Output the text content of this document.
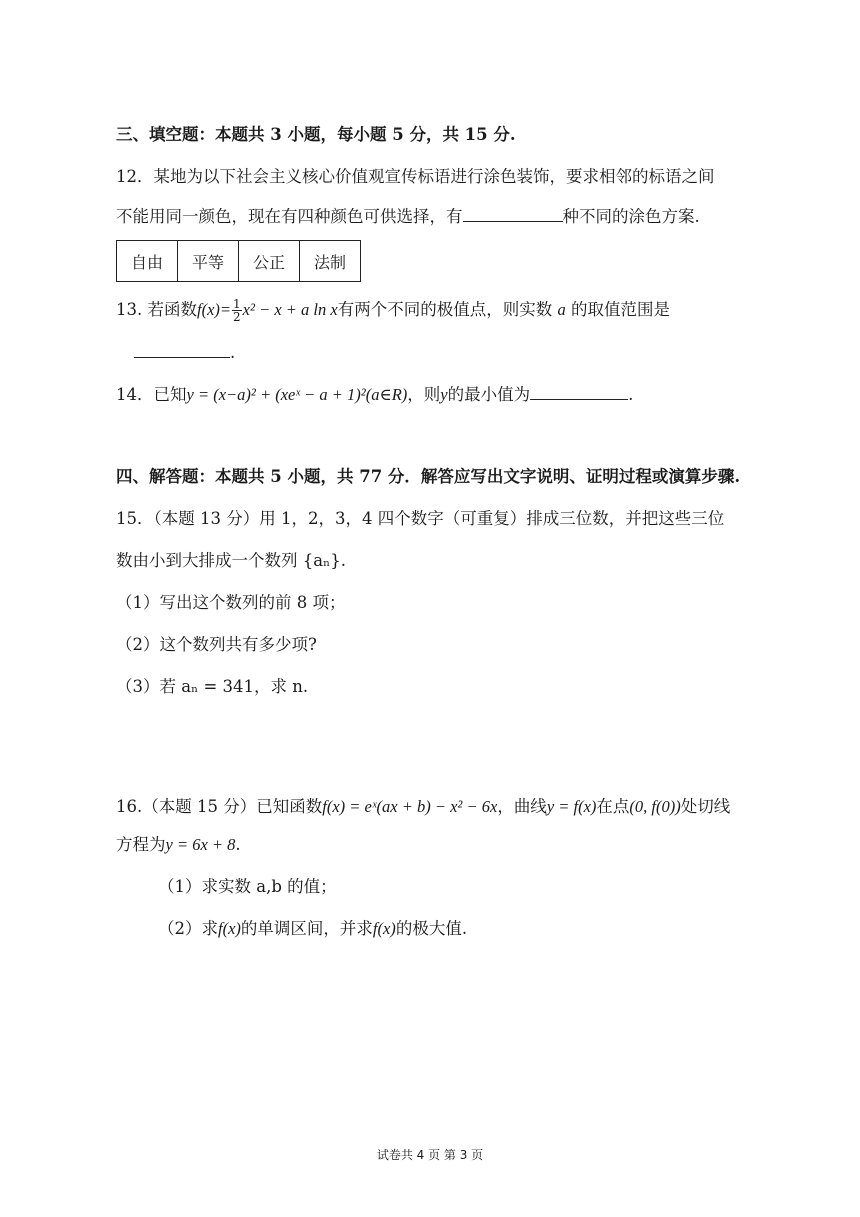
三、填空题：本题共 3 小题，每小题 5 分，共 15 分.
12．某地为以下社会主义核心价值观宣传标语进行涂色装饰，要求相邻的标语之间
不能用同一颜色，现在有四种颜色可供选择，有	种不同的涂色方案.
自由	平等	公正	法制
13. 若函数$f(x)= \frac{1}{2} x^2 - x + a$ ln x有两个不同的极值点，则实数 a 的取值范围是
.
14．已知y = (x−a)² + (xeˣ − a + 1)²(a∈R)，则y的最小值为	.
四、解答题：本题共 5 小题，共 77 分．解答应写出文字说明、证明过程或演算步骤.
15．（本题 13 分）用 1，2，3，4 四个数字（可重复）排成三位数，并把这些三位
数由小到大排成一个数列 {aₙ}.
（1）写出这个数列的前 8 项；
（2）这个数列共有多少项?
（3）若 aₙ = 341，求 n.
16.（本题 15 分）已知函数f(x) = eˣ(ax + b) − x² − 6x，曲线y = f(x)在点(0, f(0))处切线
方程为y = 6x + 8.
（1）求实数 a,b 的值；
（2）求f(x)的单调区间，并求f(x)的极大值.
试卷共 4 页 第 3 页
